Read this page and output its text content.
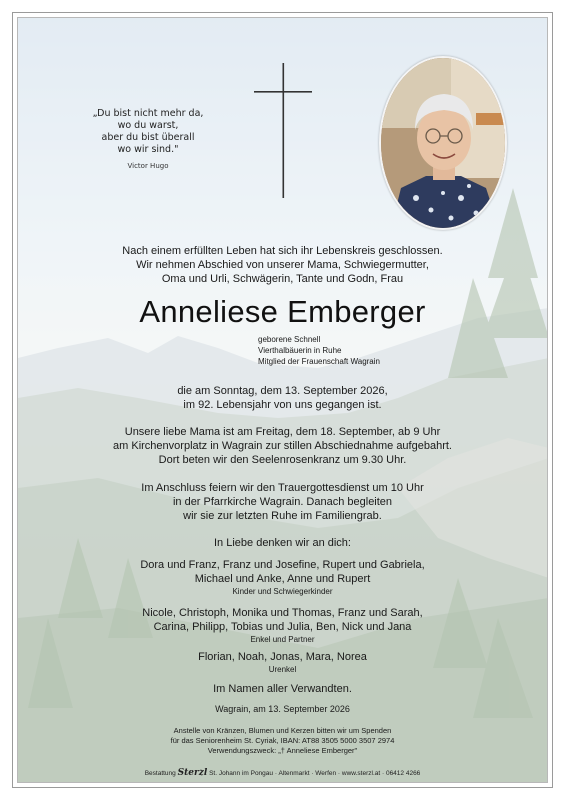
„Du bist nicht mehr da,
wo du warst,
aber du bist überall
wo wir sind."
Victor Hugo
Nach einem erfüllten Leben hat sich ihr Lebenskreis geschlossen.
Wir nehmen Abschied von unserer Mama, Schwiegermutter,
Oma und Urli, Schwägerin, Tante und Godn, Frau
Anneliese Emberger
geborene Schnell
Vierthalbäuerin in Ruhe
Mitglied der Frauenschaft Wagrain
die am Sonntag, dem 13. September 2026,
im 92. Lebensjahr von uns gegangen ist.
Unsere liebe Mama ist am Freitag, dem 18. September, ab 9 Uhr
am Kirchenvorplatz in Wagrain zur stillen Abschiednahme aufgebahrt.
Dort beten wir den Seelenrosenkranz um 9.30 Uhr.
Im Anschluss feiern wir den Trauergottesdienst um 10 Uhr
in der Pfarrkirche Wagrain. Danach begleiten
wir sie zur letzten Ruhe im Familiengrab.
In Liebe denken wir an dich:
Dora und Franz, Franz und Josefine, Rupert und Gabriela,
Michael und Anke, Anne und Rupert
Kinder und Schwiegerkinder
Nicole, Christoph, Monika und Thomas, Franz und Sarah,
Carina, Philipp, Tobias und Julia, Ben, Nick und Jana
Enkel und Partner
Florian, Noah, Jonas, Mara, Norea
Urenkel
Im Namen aller Verwandten.
Wagrain, am 13. September 2026
Anstelle von Kränzen, Blumen und Kerzen bitten wir um Spenden
für das Seniorenheim St. Cyriak, IBAN: AT88 3505 5000 3507 2974
Verwendungszweck: „† Anneliese Emberger"
Bestattung Sterzl St. Johann im Pongau · Altenmarkt · Werfen · www.sterzl.at · 06412 4266
